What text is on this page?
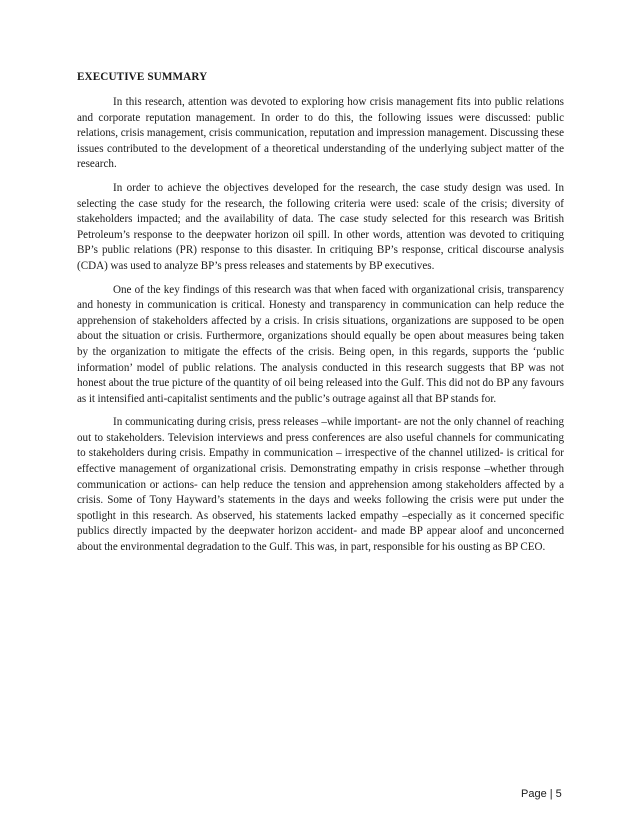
EXECUTIVE SUMMARY

In this research, attention was devoted to exploring how crisis management fits into public relations and corporate reputation management. In order to do this, the following issues were discussed: public relations, crisis management, crisis communication, reputation and impression management. Discussing these issues contributed to the development of a theoretical understanding of the underlying subject matter of the research.

In order to achieve the objectives developed for the research, the case study design was used. In selecting the case study for the research, the following criteria were used: scale of the crisis; diversity of stakeholders impacted; and the availability of data. The case study selected for this research was British Petroleum’s response to the deepwater horizon oil spill. In other words, attention was devoted to critiquing BP’s public relations (PR) response to this disaster. In critiquing BP’s response, critical discourse analysis (CDA) was used to analyze BP’s press releases and statements by BP executives.

One of the key findings of this research was that when faced with organizational crisis, transparency and honesty in communication is critical. Honesty and transparency in communication can help reduce the apprehension of stakeholders affected by a crisis. In crisis situations, organizations are supposed to be open about the situation or crisis. Furthermore, organizations should equally be open about measures being taken by the organization to mitigate the effects of the crisis. Being open, in this regards, supports the ‘public information’ model of public relations. The analysis conducted in this research suggests that BP was not honest about the true picture of the quantity of oil being released into the Gulf. This did not do BP any favours as it intensified anti-capitalist sentiments and the public’s outrage against all that BP stands for.

In communicating during crisis, press releases –while important- are not the only channel of reaching out to stakeholders. Television interviews and press conferences are also useful channels for communicating to stakeholders during crisis. Empathy in communication – irrespective of the channel utilized- is critical for effective management of organizational crisis. Demonstrating empathy in crisis response –whether through communication or actions- can help reduce the tension and apprehension among stakeholders affected by a crisis. Some of Tony Hayward’s statements in the days and weeks following the crisis were put under the spotlight in this research. As observed, his statements lacked empathy –especially as it concerned specific publics directly impacted by the deepwater horizon accident- and made BP appear aloof and unconcerned about the environmental degradation to the Gulf. This was, in part, responsible for his ousting as BP CEO.

Page | 5
